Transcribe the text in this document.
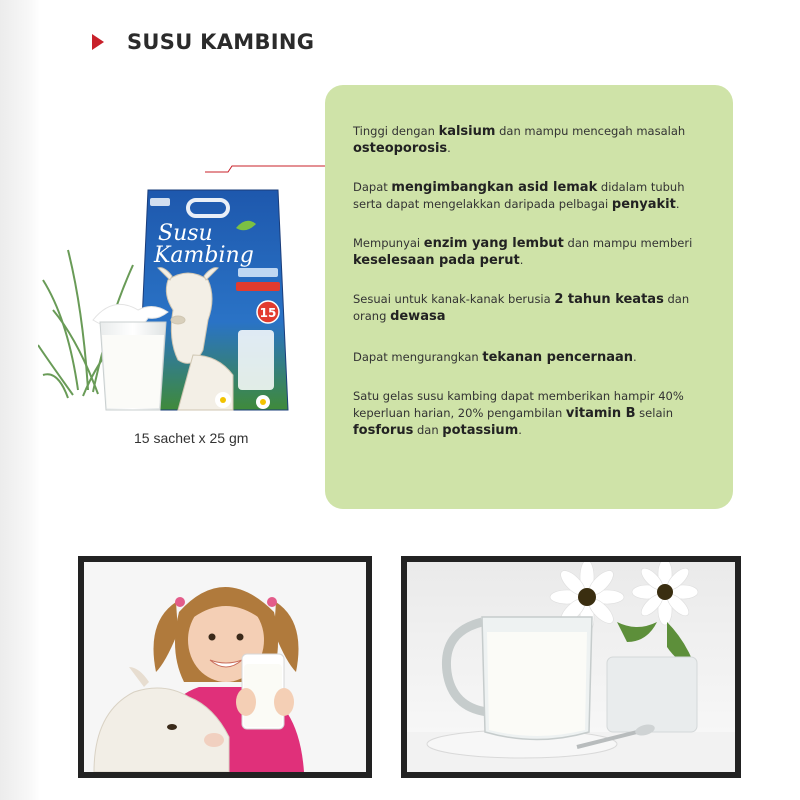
SUSU KAMBING
Susu
Kambing
15
15 sachet x 25 gm

Tinggi dengan kalsium dan mampu mencegah masalah osteoporosis.

Dapat mengimbangkan asid lemak didalam tubuh serta dapat mengelakkan daripada pelbagai penyakit.

Mempunyai enzim yang lembut dan mampu memberi keselesaan pada perut.

Sesuai untuk kanak-kanak berusia 2 tahun keatas dan orang dewasa

Dapat mengurangkan tekanan pencernaan.

Satu gelas susu kambing dapat memberikan hampir 40% keperluan harian, 20% pengambilan vitamin B selain fosforus dan potassium.
